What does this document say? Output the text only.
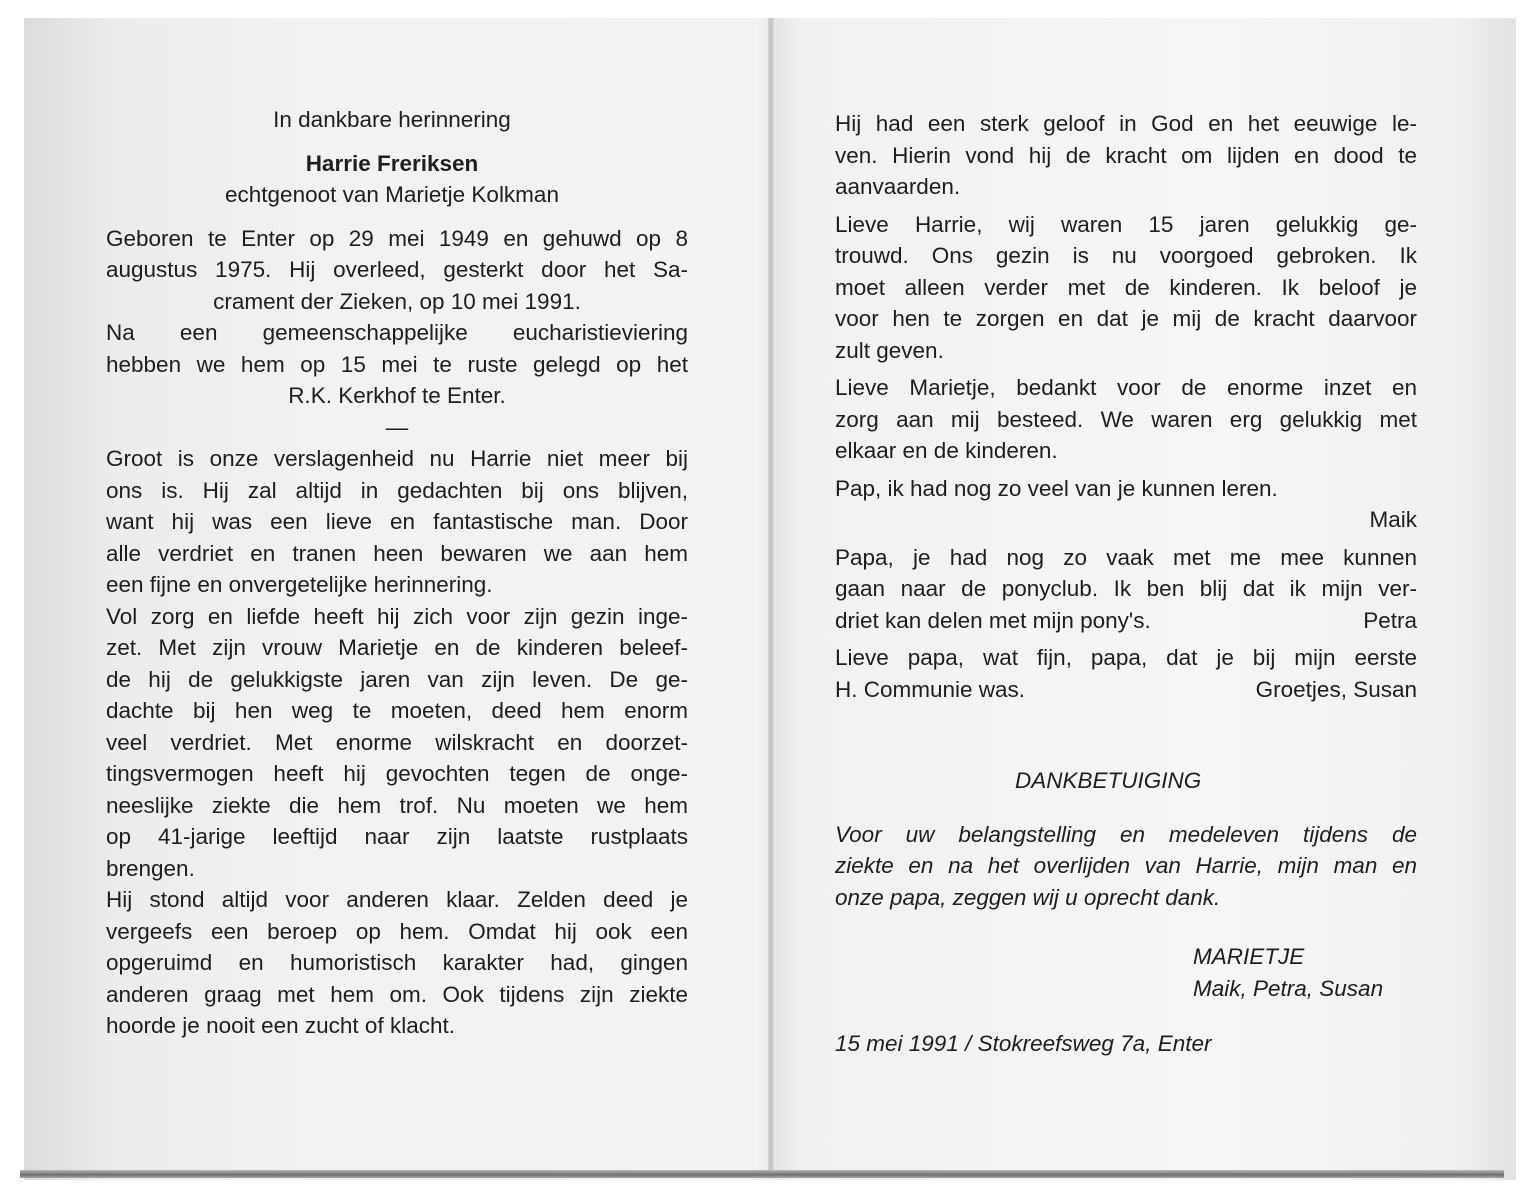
In dankbare herinnering
Harrie Freriksen
echtgenoot van Marietje Kolkman
Geboren te Enter op 29 mei 1949 en gehuwd op 8
augustus 1975. Hij overleed, gesterkt door het Sa-
crament der Zieken, op 10 mei 1991.
Na een gemeenschappelijke eucharistieviering
hebben we hem op 15 mei te ruste gelegd op het
R.K. Kerkhof te Enter.
—
Groot is onze verslagenheid nu Harrie niet meer bij
ons is. Hij zal altijd in gedachten bij ons blijven,
want hij was een lieve en fantastische man. Door
alle verdriet en tranen heen bewaren we aan hem
een fijne en onvergetelijke herinnering.
Vol zorg en liefde heeft hij zich voor zijn gezin inge-
zet. Met zijn vrouw Marietje en de kinderen beleef-
de hij de gelukkigste jaren van zijn leven. De ge-
dachte bij hen weg te moeten, deed hem enorm
veel verdriet. Met enorme wilskracht en doorzet-
tingsvermogen heeft hij gevochten tegen de onge-
neeslijke ziekte die hem trof. Nu moeten we hem
op 41-jarige leeftijd naar zijn laatste rustplaats
brengen.
Hij stond altijd voor anderen klaar. Zelden deed je
vergeefs een beroep op hem. Omdat hij ook een
opgeruimd en humoristisch karakter had, gingen
anderen graag met hem om. Ook tijdens zijn ziekte
hoorde je nooit een zucht of klacht.
Hij had een sterk geloof in God en het eeuwige le-
ven. Hierin vond hij de kracht om lijden en dood te
aanvaarden.
Lieve Harrie, wij waren 15 jaren gelukkig ge-
trouwd. Ons gezin is nu voorgoed gebroken. Ik
moet alleen verder met de kinderen. Ik beloof je
voor hen te zorgen en dat je mij de kracht daarvoor
zult geven.
Lieve Marietje, bedankt voor de enorme inzet en
zorg aan mij besteed. We waren erg gelukkig met
elkaar en de kinderen.
Pap, ik had nog zo veel van je kunnen leren.
Maik
Papa, je had nog zo vaak met me mee kunnen
gaan naar de ponyclub. Ik ben blij dat ik mijn ver-
driet kan delen met mijn pony's.	Petra
Lieve papa, wat fijn, papa, dat je bij mijn eerste
H. Communie was.	Groetjes, Susan
DANKBETUIGING
Voor uw belangstelling en medeleven tijdens de
ziekte en na het overlijden van Harrie, mijn man en
onze papa, zeggen wij u oprecht dank.
MARIETJE
Maik, Petra, Susan
15 mei 1991 / Stokreefsweg 7a, Enter
